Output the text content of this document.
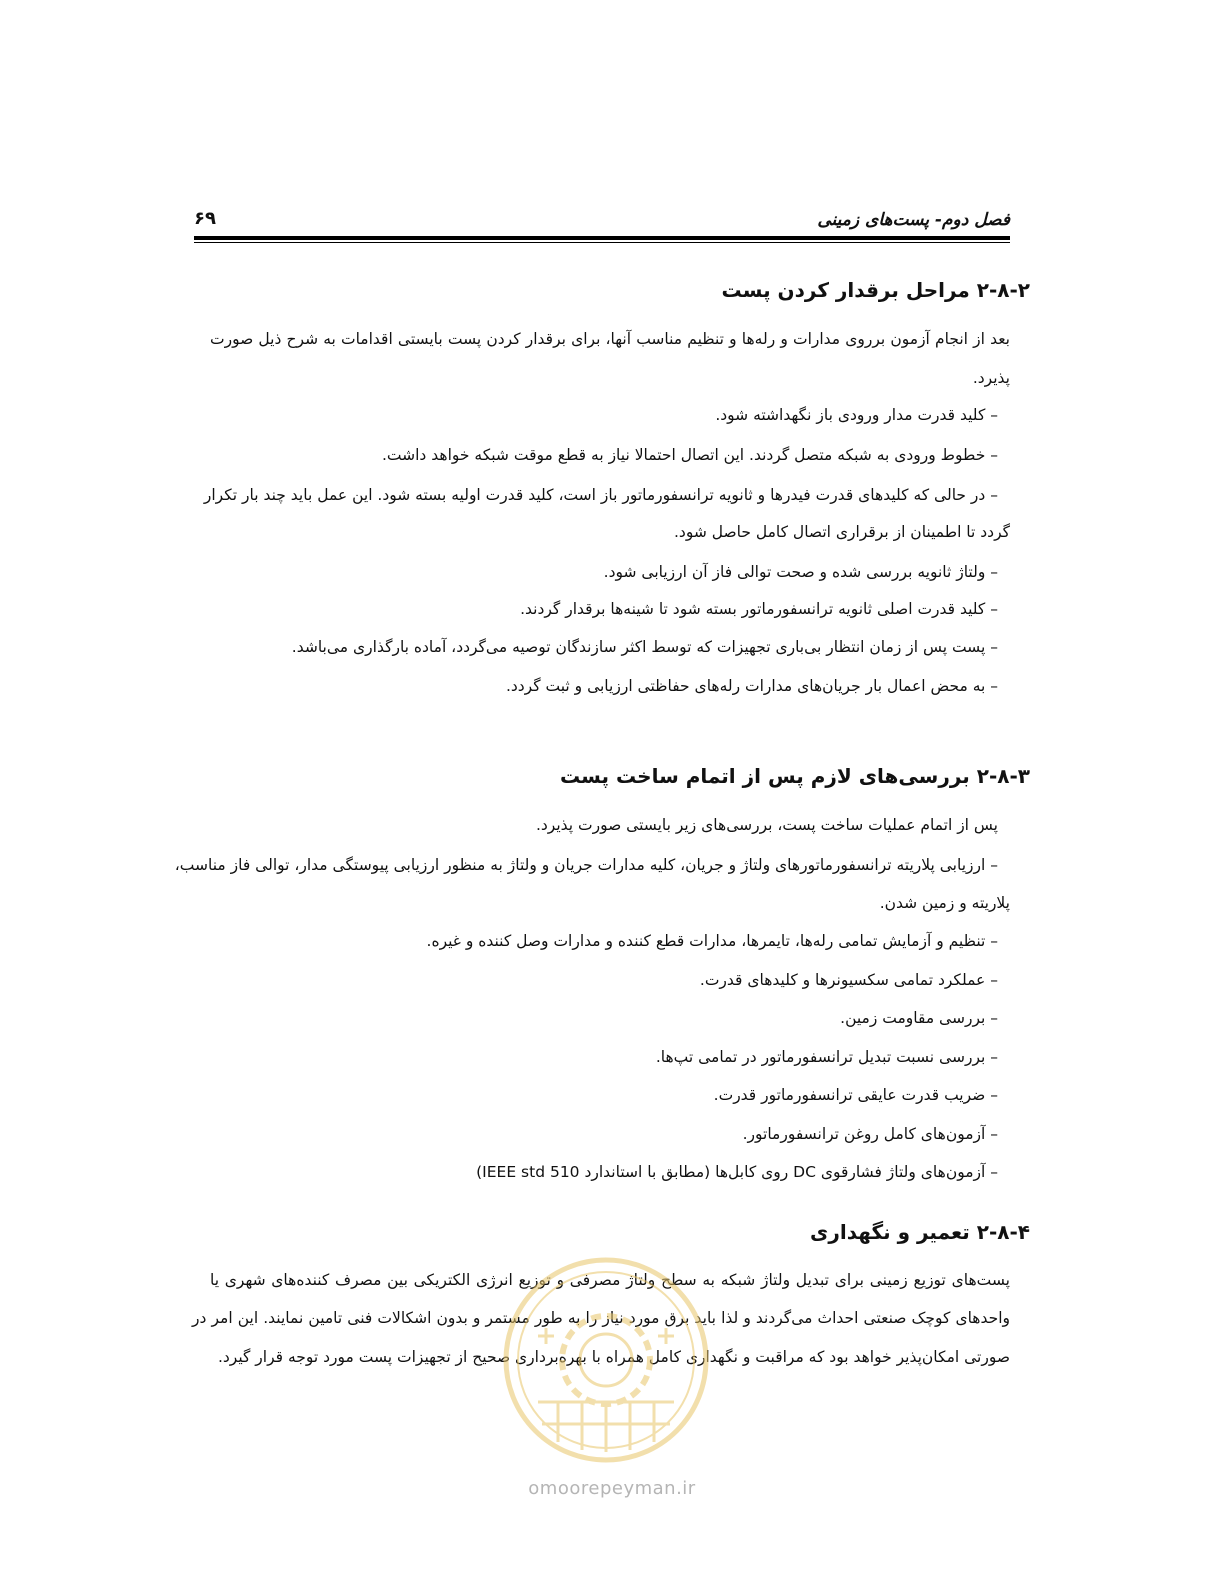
فصل دوم- پست‌های زمینی
۶۹
۲-۸-۲ مراحل برقدار کردن پست
بعد از انجام آزمون برروی مدارات و رله‌ها و تنظیم مناسب آنها، برای برقدار کردن پست بایستی اقدامات به شرح ذیل صورت
پذیرد.
– کلید قدرت مدار ورودی باز نگهداشته شود.
– خطوط ورودی به شبکه متصل گردند. این اتصال احتمالا نیاز به قطع موقت شبکه خواهد داشت.
– در حالی که کلیدهای قدرت فیدرها و ثانویه ترانسفورماتور باز است، کلید قدرت اولیه بسته شود. این عمل باید چند بار تکرار
گردد تا اطمینان از برقراری اتصال کامل حاصل شود.
– ولتاژ ثانویه بررسی شده و صحت توالی فاز آن ارزیابی شود.
– کلید قدرت اصلی ثانویه ترانسفورماتور بسته شود تا شینه‌ها برقدار گردند.
– پست پس از زمان انتظار بی‌باری تجهیزات که توسط اکثر سازندگان توصیه می‌گردد، آماده بارگذاری می‌باشد.
– به محض اعمال بار جریان‌های مدارات رله‌های حفاظتی ارزیابی و ثبت گردد.
۲-۸-۳ بررسی‌های لازم پس از اتمام ساخت پست
پس از اتمام عملیات ساخت پست، بررسی‌های زیر بایستی صورت پذیرد.
– ارزیابی پلاریته ترانسفورماتورهای ولتاژ و جریان، کلیه مدارات جریان و ولتاژ به منظور ارزیابی پیوستگی مدار، توالی فاز مناسب،
پلاریته و زمین شدن.
– تنظیم و آزمایش تمامی رله‌ها، تایمرها، مدارات قطع کننده و مدارات وصل کننده و غیره.
– عملکرد تمامی سکسیونرها و کلیدهای قدرت.
– بررسی مقاومت زمین.
– بررسی نسبت تبدیل ترانسفورماتور در تمامی تپ‌ها.
– ضریب قدرت عایقی ترانسفورماتور قدرت.
– آزمون‌های کامل روغن ترانسفورماتور.
– آزمون‌های ولتاژ فشارقوی DC روی کابل‌ها (مطابق با استاندارد IEEE std 510)
۲-۸-۴ تعمیر و نگهداری
پست‌های توزیع زمینی برای تبدیل ولتاژ شبکه به سطح ولتاژ مصرفی و توزیع انرژی الکتریکی بین مصرف کننده‌های شهری یا
واحدهای کوچک صنعتی احداث می‌گردند و لذا باید برق مورد نیاز را به طور مستمر و بدون اشکالات فنی تامین نمایند. این امر در
صورتی امکان‌پذیر خواهد بود که مراقبت و نگهداری کامل همراه با بهره‌برداری صحیح از تجهیزات پست مورد توجه قرار گیرد.
omoorepeyman.ir
